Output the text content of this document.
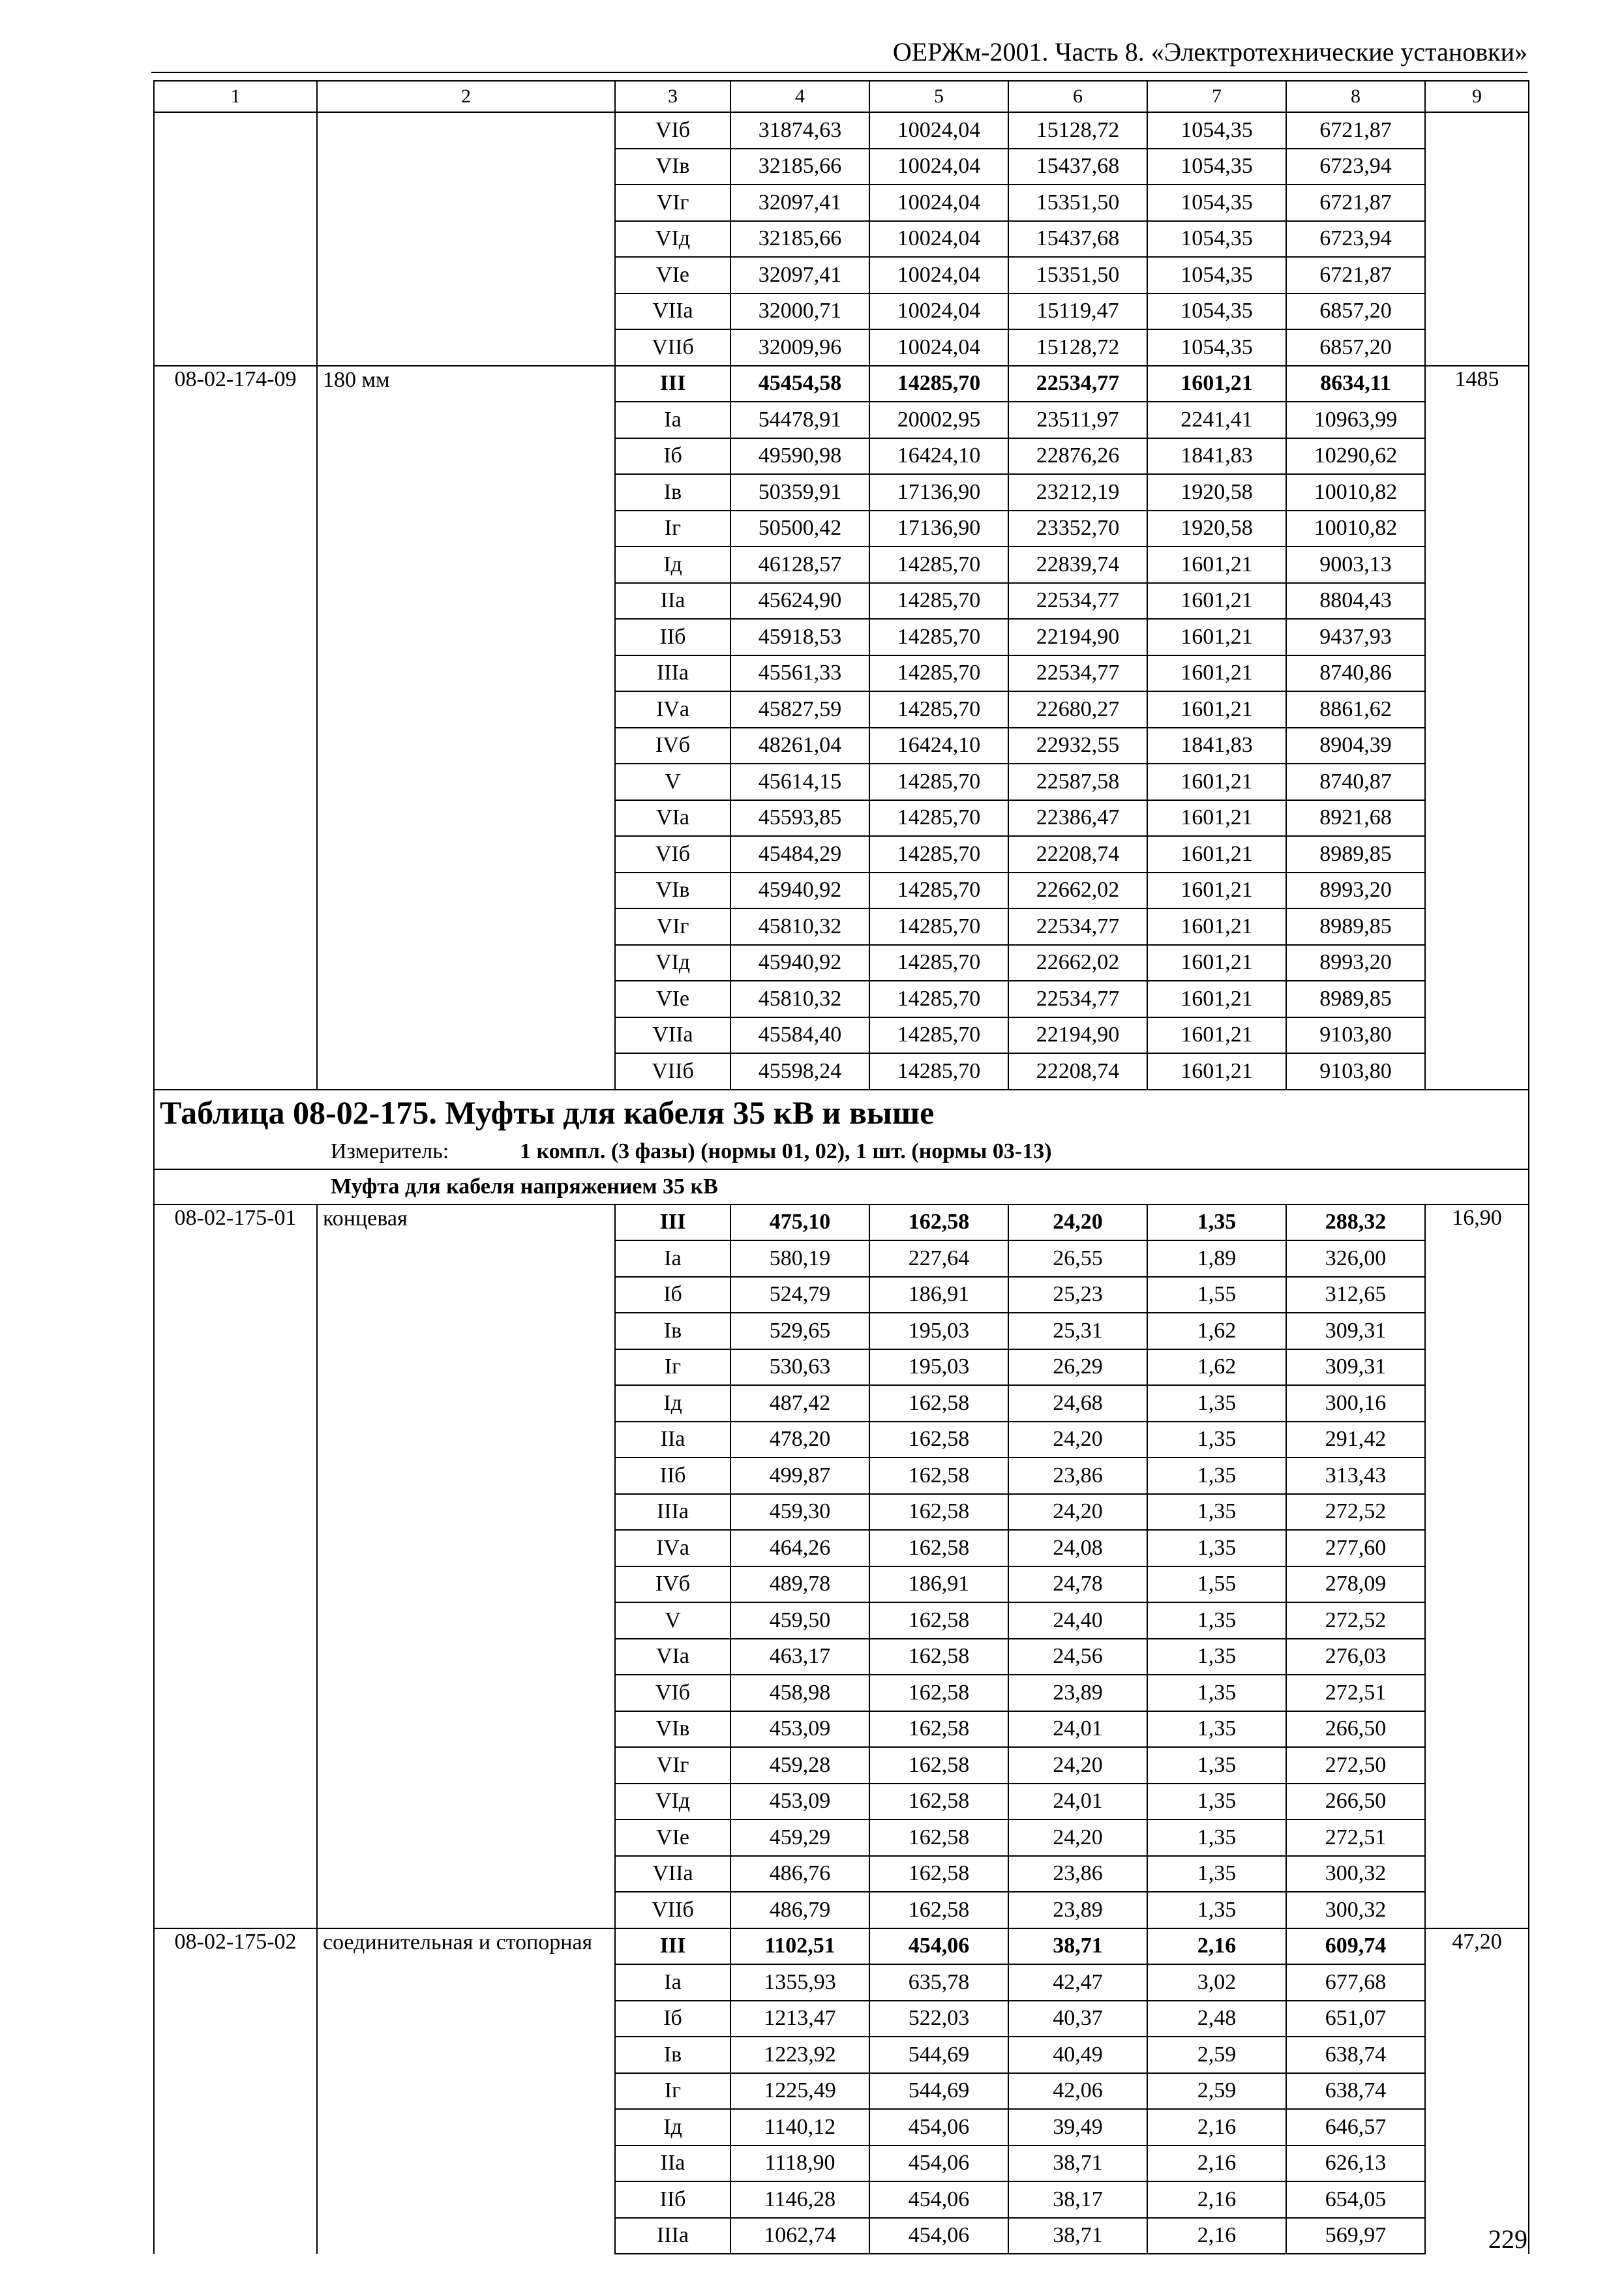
ОЕРЖм-2001. Часть 8. «Электротехнические установки»
1	2	3	4	5	6	7	8	9
		VIб	31874,63	10024,04	15128,72	1054,35	6721,87	
		VIв	32185,66	10024,04	15437,68	1054,35	6723,94	
		VIг	32097,41	10024,04	15351,50	1054,35	6721,87	
		VIд	32185,66	10024,04	15437,68	1054,35	6723,94	
		VIе	32097,41	10024,04	15351,50	1054,35	6721,87	
		VIIа	32000,71	10024,04	15119,47	1054,35	6857,20	
		VIIб	32009,96	10024,04	15128,72	1054,35	6857,20	
08-02-174-09	180 мм	III	45454,58	14285,70	22534,77	1601,21	8634,11	1485
		Iа	54478,91	20002,95	23511,97	2241,41	10963,99	
		Iб	49590,98	16424,10	22876,26	1841,83	10290,62	
		Iв	50359,91	17136,90	23212,19	1920,58	10010,82	
		Iг	50500,42	17136,90	23352,70	1920,58	10010,82	
		Iд	46128,57	14285,70	22839,74	1601,21	9003,13	
		IIа	45624,90	14285,70	22534,77	1601,21	8804,43	
		IIб	45918,53	14285,70	22194,90	1601,21	9437,93	
		IIIа	45561,33	14285,70	22534,77	1601,21	8740,86	
		IVа	45827,59	14285,70	22680,27	1601,21	8861,62	
		IVб	48261,04	16424,10	22932,55	1841,83	8904,39	
		V	45614,15	14285,70	22587,58	1601,21	8740,87	
		VIа	45593,85	14285,70	22386,47	1601,21	8921,68	
		VIб	45484,29	14285,70	22208,74	1601,21	8989,85	
		VIв	45940,92	14285,70	22662,02	1601,21	8993,20	
		VIг	45810,32	14285,70	22534,77	1601,21	8989,85	
		VIд	45940,92	14285,70	22662,02	1601,21	8993,20	
		VIе	45810,32	14285,70	22534,77	1601,21	8989,85	
		VIIа	45584,40	14285,70	22194,90	1601,21	9103,80	
		VIIб	45598,24	14285,70	22208,74	1601,21	9103,80	
Таблица 08-02-175. Муфты для кабеля 35 кВ и выше								
Измеритель: 1 компл. (3 фазы) (нормы 01, 02), 1 шт. (нормы 03-13)								
Муфта для кабеля напряжением 35 кВ								
08-02-175-01	концевая	III	475,10	162,58	24,20	1,35	288,32	16,90
		Iа	580,19	227,64	26,55	1,89	326,00	
		Iб	524,79	186,91	25,23	1,55	312,65	
		Iв	529,65	195,03	25,31	1,62	309,31	
		Iг	530,63	195,03	26,29	1,62	309,31	
		Iд	487,42	162,58	24,68	1,35	300,16	
		IIа	478,20	162,58	24,20	1,35	291,42	
		IIб	499,87	162,58	23,86	1,35	313,43	
		IIIа	459,30	162,58	24,20	1,35	272,52	
		IVа	464,26	162,58	24,08	1,35	277,60	
		IVб	489,78	186,91	24,78	1,55	278,09	
		V	459,50	162,58	24,40	1,35	272,52	
		VIа	463,17	162,58	24,56	1,35	276,03	
		VIб	458,98	162,58	23,89	1,35	272,51	
		VIв	453,09	162,58	24,01	1,35	266,50	
		VIг	459,28	162,58	24,20	1,35	272,50	
		VIд	453,09	162,58	24,01	1,35	266,50	
		VIе	459,29	162,58	24,20	1,35	272,51	
		VIIа	486,76	162,58	23,86	1,35	300,32	
		VIIб	486,79	162,58	23,89	1,35	300,32	
08-02-175-02	соединительная и стопорная	III	1102,51	454,06	38,71	2,16	609,74	47,20
		Iа	1355,93	635,78	42,47	3,02	677,68	
		Iб	1213,47	522,03	40,37	2,48	651,07	
		Iв	1223,92	544,69	40,49	2,59	638,74	
		Iг	1225,49	544,69	42,06	2,59	638,74	
		Iд	1140,12	454,06	39,49	2,16	646,57	
		IIа	1118,90	454,06	38,71	2,16	626,13	
		IIб	1146,28	454,06	38,17	2,16	654,05	
		IIIа	1062,74	454,06	38,71	2,16	569,97		229
